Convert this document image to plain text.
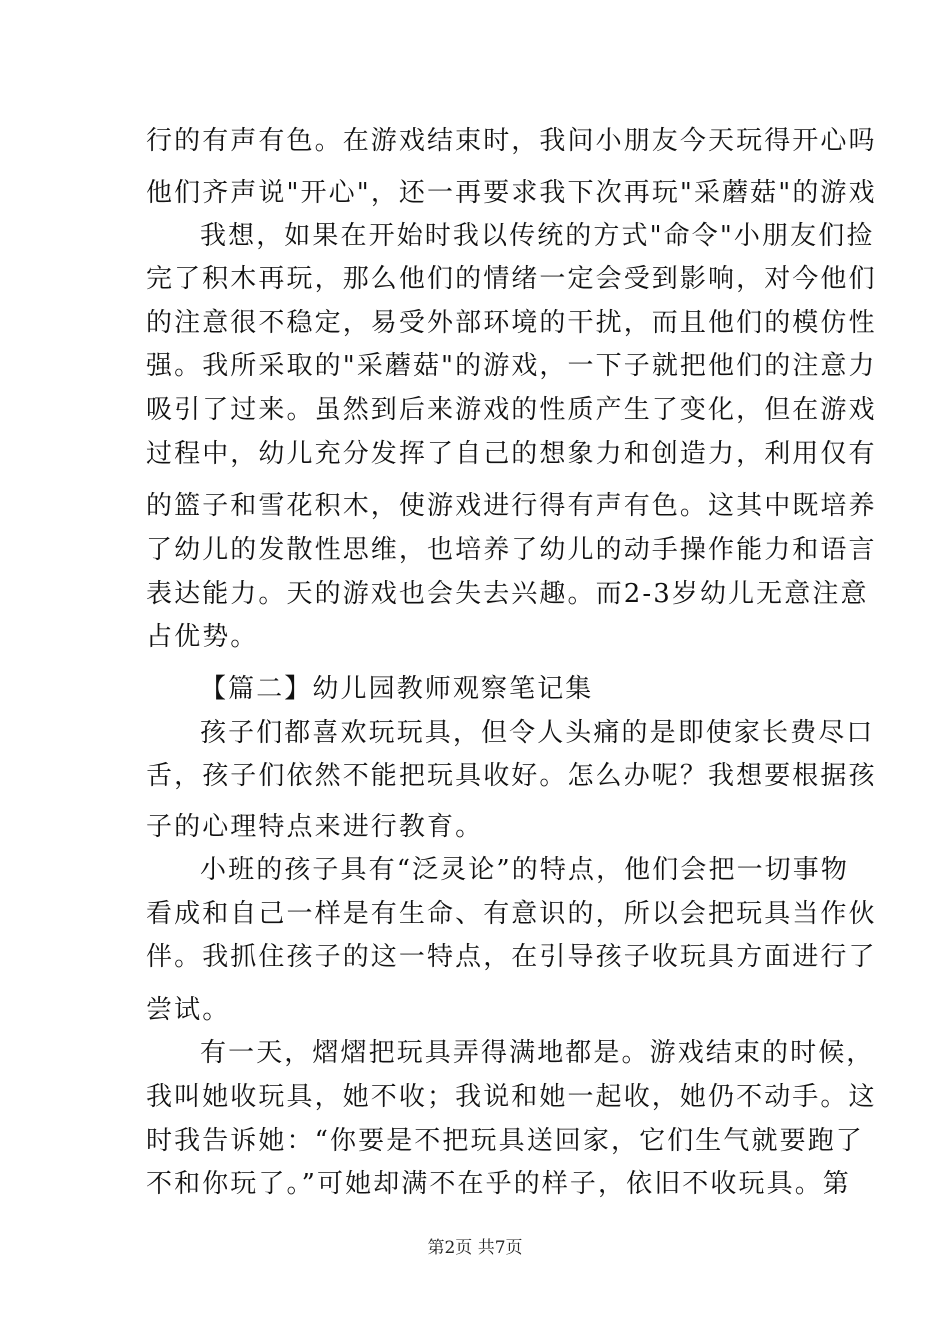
行的有声有色。在游戏结束时，我问小朋友今天玩得开心吗
他们齐声说"开心"，还一再要求我下次再玩"采蘑菇"的游戏
我想，如果在开始时我以传统的方式"命令"小朋友们捡
完了积木再玩，那么他们的情绪一定会受到影响，对今他们
的注意很不稳定，易受外部环境的干扰，而且他们的模仿性
强。我所采取的"采蘑菇"的游戏，一下子就把他们的注意力
吸引了过来。虽然到后来游戏的性质产生了变化，但在游戏
过程中，幼儿充分发挥了自己的想象力和创造力，利用仅有
的篮子和雪花积木，使游戏进行得有声有色。这其中既培养
了幼儿的发散性思维，也培养了幼儿的动手操作能力和语言
表达能力。天的游戏也会失去兴趣。而2-3岁幼儿无意注意
占优势。
【篇二】幼儿园教师观察笔记集
孩子们都喜欢玩玩具，但令人头痛的是即使家长费尽口
舌，孩子们依然不能把玩具收好。怎么办呢？我想要根据孩
子的心理特点来进行教育。
小班的孩子具有“泛灵论”的特点，他们会把一切事物
看成和自己一样是有生命、有意识的，所以会把玩具当作伙
伴。我抓住孩子的这一特点，在引导孩子收玩具方面进行了
尝试。
有一天，熠熠把玩具弄得满地都是。游戏结束的时候，
我叫她收玩具，她不收；我说和她一起收，她仍不动手。这
时我告诉她：“你要是不把玩具送回家，它们生气就要跑了
不和你玩了。”可她却满不在乎的样子，依旧不收玩具。第
第2页 共7页
